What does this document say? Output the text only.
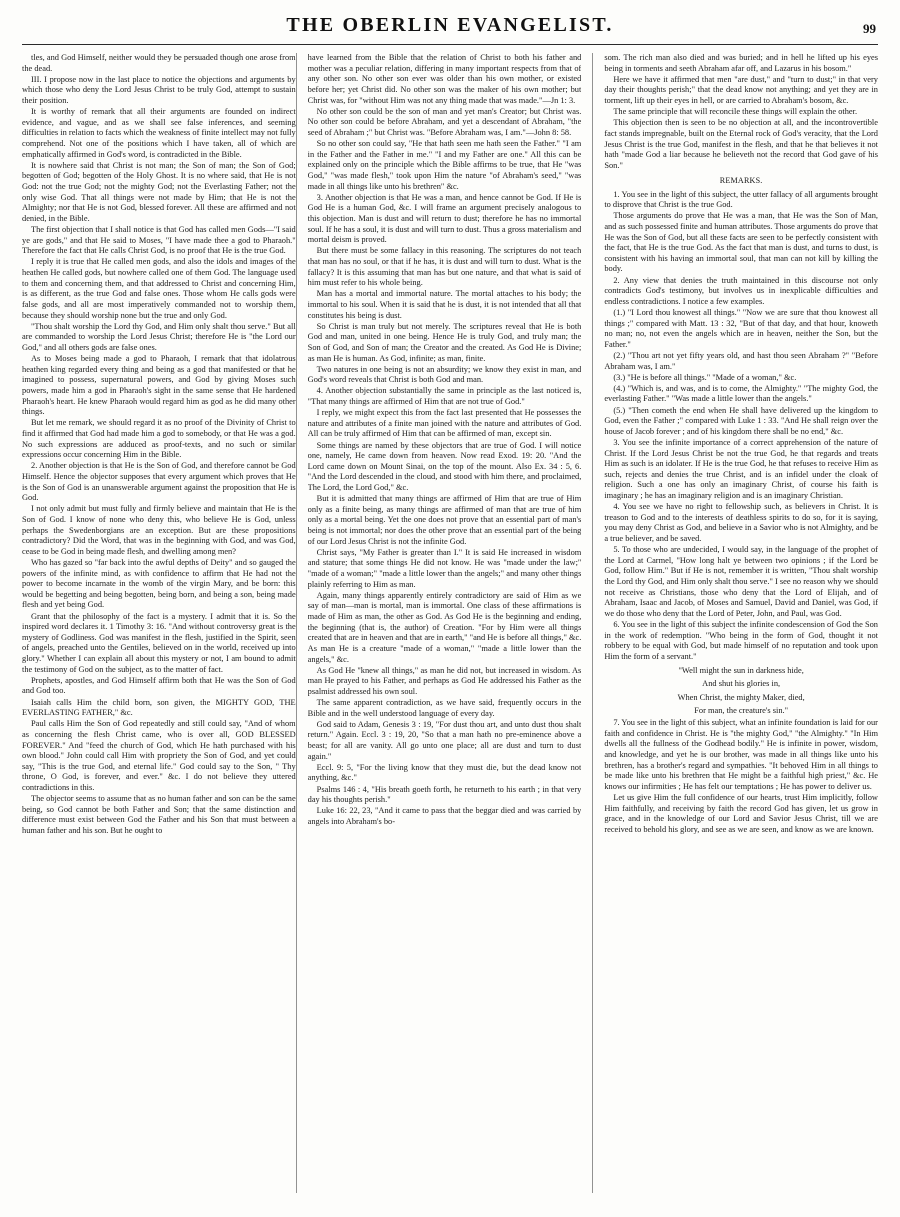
THE OBERLIN EVANGELIST.	99

tles, and God Himself, neither would they be persuaded though one arose from the dead.

III. I propose now in the last place to notice the objections and arguments by which those who deny the Lord Jesus Christ to be truly God, attempt to sustain their position.

It is worthy of remark that all their arguments are founded on indirect evidence, and vague, and as we shall see false inferences, and seeming difficulties in relation to facts which the weakness of finite intellect may not fully comprehend. Not one of the positions which I have taken, all of which are emphatically affirmed in God's word, is contradicted in the Bible.

It is nowhere said that Christ is not man; the Son of man; the Son of God; begotten of God; begotten of the Holy Ghost. It is no where said, that He is not God: not the true God; not the mighty God; not the Everlasting Father; not the only wise God. That all things were not made by Him; that He is not the Almighty; nor that He is not God, blessed forever. All these are affirmed and not denied, in the Bible.

The first objection that I shall notice is that God has called men Gods—"I said ye are gods," and that He said to Moses, "I have made thee a god to Pharaoh." Therefore the fact that He calls Christ God, is no proof that He is the true God.

I reply it is true that He called men gods, and also the idols and images of the heathen He called gods, but nowhere called one of them God. The language used to them and concerning them, and that addressed to Christ and concerning Him, is as different, as the true God and false ones. Those whom He calls gods were false gods, and all are most imperatively commanded not to worship them, because they should worship none but the true and only God.

"Thou shalt worship the Lord thy God, and Him only shalt thou serve." But all are commanded to worship the Lord Jesus Christ; therefore He is "the Lord our God," and all others gods are false ones.

As to Moses being made a god to Pharaoh, I remark that that idolatrous heathen king regarded every thing and being as a god that manifested or that he imagined to possess, supernatural powers, and God by giving Moses such powers, made him a god in Pharaoh's sight in the same sense that He hardened Pharaoh's heart. He knew Pharaoh would regard him as god as he did many other things.

But let me remark, we should regard it as no proof of the Divinity of Christ to find it affirmed that God had made him a god to somebody, or that He was a god. No such expressions are adduced as proof-texts, and no such or similar expressions occur concerning Him in the Bible.

2. Another objection is that He is the Son of God, and therefore cannot be God Himself. Hence the objector supposes that every argument which proves that He is the Son of God is an unanswerable argument against the proposition that He is God.

I not only admit but must fully and firmly believe and maintain that He is the Son of God. I know of none who deny this, who believe He is God, unless perhaps the Swedenborgians are an exception. But are these propositions contradictory? Did the Word, that was in the beginning with God, and was God, cease to be God in being made flesh, and dwelling among men?

Who has gazed so "far back into the awful depths of Deity" and so gauged the powers of the infinite mind, as with confidence to affirm that He had not the power to become incarnate in the womb of the virgin Mary, and be born: this would be begetting and being begotten, being born, and being a son, being made flesh and yet being God.

Grant that the philosophy of the fact is a mystery. I admit that it is. So the inspired word declares it. 1 Timothy 3: 16. "And without controversy great is the mystery of Godliness. God was manifest in the flesh, justified in the Spirit, seen of angels, preached unto the Gentiles, believed on in the world, received up into glory." Whether I can explain all about this mystery or not, I am bound to admit the testimony of God on the subject, as to the matter of fact.

Prophets, apostles, and God Himself affirm both that He was the Son of God and God too.

Isaiah calls Him the child born, son given, the MIGHTY GOD, THE EVERLASTING FATHER," &c.

Paul calls Him the Son of God repeatedly and still could say, "And of whom as concerning the flesh Christ came, who is over all, GOD BLESSED FOREVER." And "feed the church of God, which He hath purchased with his own blood." John could call Him with propriety the Son of God, and yet could say, "This is the true God, and eternal life." God could say to the Son, " Thy throne, O God, is forever, and ever." &c. I do not believe they uttered contradictions in this.

The objector seems to assume that as no human father and son can be the same being, so God cannot be both Father and Son; that the same distinction and difference must exist between God the Father and his Son that must between a human father and his son. But he ought to

have learned from the Bible that the relation of Christ to both his father and mother was a peculiar relation, differing in many important respects from that of any other son. No other son ever was older than his own mother, or existed before her; yet Christ did. No other son was the maker of his own mother; but Christ was, for "without Him was not any thing made that was made."—Jn 1: 3.

No other son could be the son of man and yet man's Creator; but Christ was. No other son could be before Abraham, and yet a descendant of Abraham, "the seed of Abraham ;" but Christ was. "Before Abraham was, I am."—John 8: 58.

So no other son could say, "He that hath seen me hath seen the Father." "I am in the Father and the Father in me." "I and my Father are one." All this can be explained only on the principle which the Bible affirms to be true, that He "was God," "was made flesh," took upon Him the nature "of Abraham's seed," "was made in all things like unto his brethren" &c.

3. Another objection is that He was a man, and hence cannot be God. If He is God He is a human God, &c. I will frame an argument precisely analogous to this objection. Man is dust and will return to dust; therefore he has no immortal soul. If he has a soul, it is dust and will turn to dust. Thus a gross materialism and mortal deism is proved.

But there must be some fallacy in this reasoning. The scriptures do not teach that man has no soul, or that if he has, it is dust and will turn to dust. What is the fallacy? It is this assuming that man has but one nature, and that what is said of him must refer to his whole being.

Man has a mortal and immortal nature. The mortal attaches to his body; the immortal to his soul. When it is said that he is dust, it is not intended that all that constitutes his being is dust.

So Christ is man truly but not merely. The scriptures reveal that He is both God and man, united in one being. Hence He is truly God, and truly man; the Son of God, and Son of man; the Creator and the created. As God He is Divine; as man He is human. As God, infinite; as man, finite.

Two natures in one being is not an absurdity; we know they exist in man, and God's word reveals that Christ is both God and man.

4. Another objection substantially the same in principle as the last noticed is, "That many things are affirmed of Him that are not true of God."

I reply, we might expect this from the fact last presented that He possesses the nature and attributes of a finite man joined with the nature and attributes of God. All can be truly affirmed of Him that can be affirmed of man, except sin.

Some things are named by these objectors that are true of God. I will notice one, namely, He came down from heaven. Now read Exod. 19: 20. "And the Lord came down on Mount Sinai, on the top of the mount. Also Ex. 34 : 5, 6. "And the Lord descended in the cloud, and stood with him there, and proclaimed, The Lord, the Lord God," &c.

But it is admitted that many things are affirmed of Him that are true of Him only as a finite being, as many things are affirmed of man that are true of him only as a mortal being. Yet the one does not prove that an essential part of man's being is not immortal; nor does the other prove that an essential part of the being of our Lord Jesus Christ is not the infinite God.

Christ says, "My Father is greater than I." It is said He increased in wisdom and stature; that some things He did not know. He was "made under the law;" "made of a woman;" "made a little lower than the angels;" and many other things plainly referring to Him as man.

Again, many things apparently entirely contradictory are said of Him as we say of man—man is mortal, man is immortal. One class of these affirmations is made of Him as man, the other as God. As God He is the beginning and ending, the beginning (that is, the author) of Creation. "For by Him were all things created that are in heaven and that are in earth," "and He is before all things," &c. As man He is a creature "made of a woman," "made a little lower than the angels," &c.

As God He "knew all things," as man he did not, but increased in wisdom. As man He prayed to his Father, and perhaps as God He addressed his Father as the psalmist addressed his own soul.

The same apparent contradiction, as we have said, frequently occurs in the Bible and in the well understood language of every day.

God said to Adam, Genesis 3 : 19, "For dust thou art, and unto dust thou shalt return." Again. Eccl. 3 : 19, 20, "So that a man hath no pre-eminence above a beast; for all are vanity. All go unto one place; all are dust and turn to dust again."

Eccl. 9: 5, "For the living know that they must die, but the dead know not anything, &c."

Psalms 146 : 4, "His breath goeth forth, he returneth to his earth ; in that very day his thoughts perish."

Luke 16: 22, 23, "And it came to pass that the beggar died and was carried by angels into Abraham's bo-

som. The rich man also died and was buried; and in hell he lifted up his eyes being in torments and seeth Abraham afar off, and Lazarus in his bosom."

Here we have it affirmed that men "are dust," and "turn to dust;" in that very day their thoughts perish;" that the dead know not anything; and yet they are in torment, lift up their eyes in hell, or are carried to Abraham's bosom, &c.

The same principle that will reconcile these things will explain the other.

This objection then is seen to be no objection at all, and the incontrovertible fact stands impregnable, built on the Eternal rock of God's veracity, that the Lord Jesus Christ is the true God, manifest in the flesh, and that he that believes it not hath "made God a liar because he believeth not the record that God gave of his Son."

REMARKS.

1. You see in the light of this subject, the utter fallacy of all arguments brought to disprove that Christ is the true God.

Those arguments do prove that He was a man, that He was the Son of Man, and as such possessed finite and human attributes. Those arguments do prove that He was the Son of God, but all these facts are seen to be perfectly consistent with the fact, that He is the true God. As the fact that man is dust, and turns to dust, is consistent with his having an immortal soul, that man can not kill by killing the body.

2. Any view that denies the truth maintained in this discourse not only contradicts God's testimony, but involves us in inexplicable difficulties and endless contradictions. I notice a few examples.

(1.) "I Lord thou knowest all things." "Now we are sure that thou knowest all things ;" compared with Matt. 13 : 32, "But of that day, and that hour, knoweth no man; no, not even the angels which are in heaven, neither the Son, but the Father."

(2.) "Thou art not yet fifty years old, and hast thou seen Abraham ?" "Before Abraham was, I am."

(3.) "He is before all things." "Made of a woman," &c.

(4.) "Which is, and was, and is to come, the Almighty." "The mighty God, the everlasting Father." "Was made a little lower than the angels."

(5.) "Then cometh the end when He shall have delivered up the kingdom to God, even the Father ;" compared with Luke 1 : 33. "And He shall reign over the house of Jacob forever ; and of his kingdom there shall be no end," &c.

3. You see the infinite importance of a correct apprehension of the nature of Christ. If the Lord Jesus Christ be not the true God, he that regards and treats Him as such is an idolater. If He is the true God, he that refuses to receive Him as such, rejects and denies the true Christ, and is an infidel under the cloak of religion. Such a one has only an imaginary Christ, of course his faith is imaginary ; he has an imaginary religion and is an imaginary Christian.

4. You see we have no right to fellowship such, as believers in Christ. It is treason to God and to the interests of deathless spirits to do so, for it is saying, you may deny Christ as God, and believe in a Savior who is not Almighty, and be a true believer, and be saved.

5. To those who are undecided, I would say, in the language of the prophet of the Lord at Carmel, "How long halt ye between two opinions ; if the Lord be God, follow Him." But if He is not, remember it is written, "Thou shalt worship the Lord thy God, and Him only shalt thou serve." I see no reason why we should not receive as Christians, those who deny that the Lord of Elijah, and of Abraham, Isaac and Jacob, of Moses and Samuel, David and Daniel, was God, if we do those who deny that the Lord of Peter, John, and Paul, was God.

6. You see in the light of this subject the infinite condescension of God the Son in the work of redemption. "Who being in the form of God, thought it not robbery to be equal with God, but made himself of no reputation and took upon Him the form of a servant."

"Well might the sun in darkness hide,

And shut his glories in,

When Christ, the mighty Maker, died,

For man, the creature's sin."

7. You see in the light of this subject, what an infinite foundation is laid for our faith and confidence in Christ. He is "the mighty God," "the Almighty." "In Him dwells all the fullness of the Godhead bodily." He is infinite in power, wisdom, and knowledge, and yet he is our brother, was made in all things like unto his brethren, has a brother's regard and sympathies. "It behoved Him in all things to be made like unto his brethren that He might be a faithful high priest," &c. He knows our infirmities ; He has felt our temptations ; He has power to deliver us.

Let us give Him the full confidence of our hearts, trust Him implicitly, follow Him faithfully, and receiving by faith the record God has given, let us grow in grace, and in the knowledge of our Lord and Savior Jesus Christ, till we are received to behold his glory, and see as we are seen, and know as we are known.
